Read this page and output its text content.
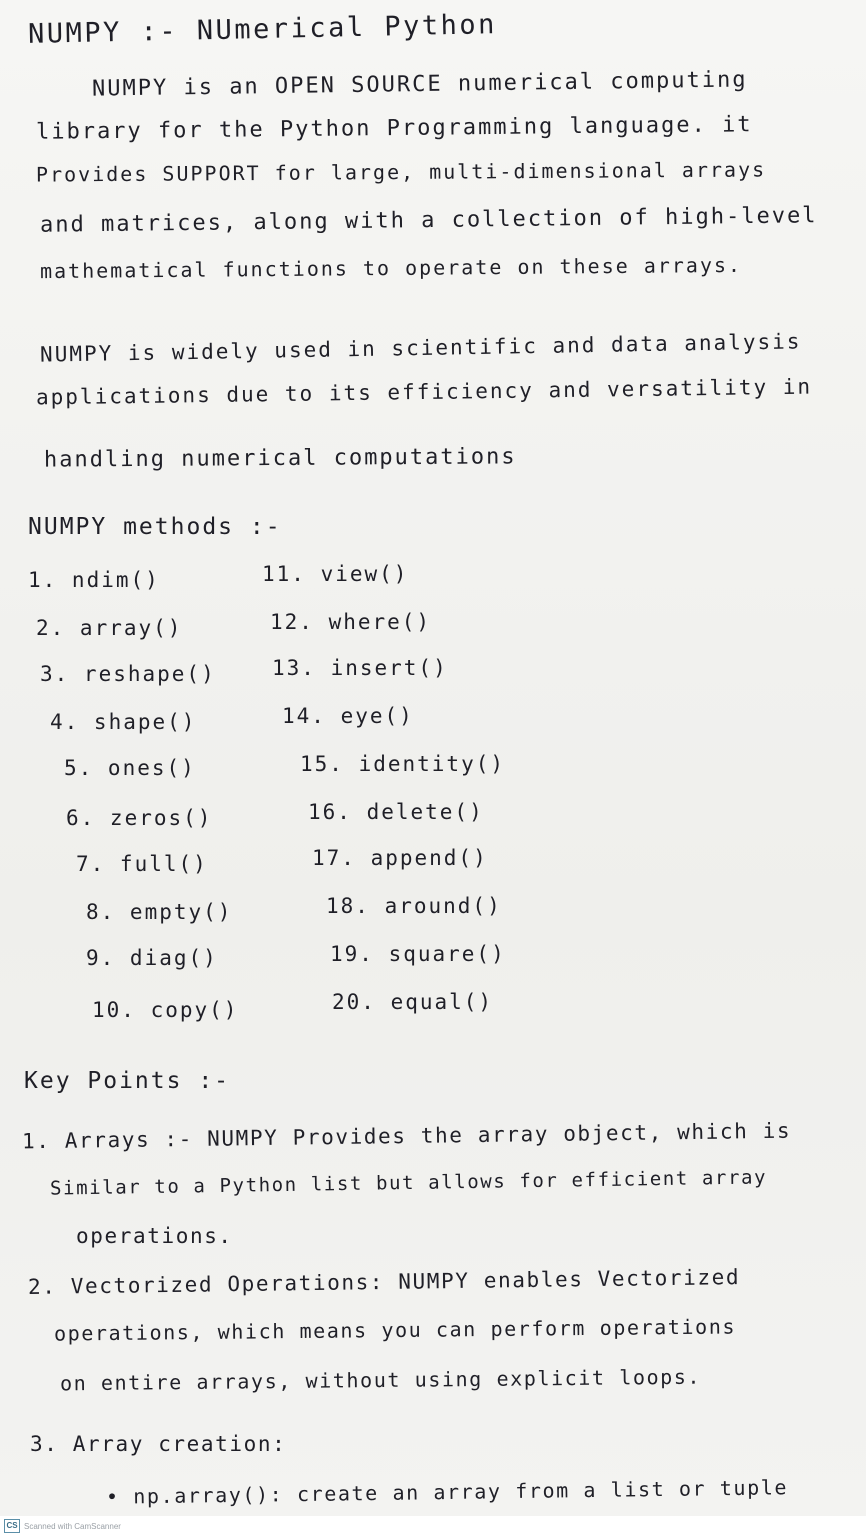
NUMPY :- NUmerical Python
NUMPY is an OPEN SOURCE numerical computing
library for the Python Programming language. it
Provides SUPPORT for large, multi-dimensional arrays
and matrices, along with a collection of high-level
mathematical functions to operate on these arrays.
NUMPY is widely used in scientific and data analysis
applications due to its efficiency and versatility in
handling numerical computations
NUMPY methods :-
1. ndim()
2. array()
3. reshape()
4. shape()
5. ones()
6. zeros()
7. full()
8. empty()
9. diag()
10. copy()
11. view()
12. where()
13. insert()
14. eye()
15. identity()
16. delete()
17. append()
18. around()
19. square()
20. equal()
Key Points :-
1. Arrays :- NUMPY Provides the array object, which is
Similar to a Python list but allows for efficient array
operations.
2. Vectorized Operations: NUMPY enables Vectorized
operations, which means you can perform operations
on entire arrays, without using explicit loops.
3. Array creation:
• np.array(): create an array from a list or tuple
CS Scanned with CamScanner
